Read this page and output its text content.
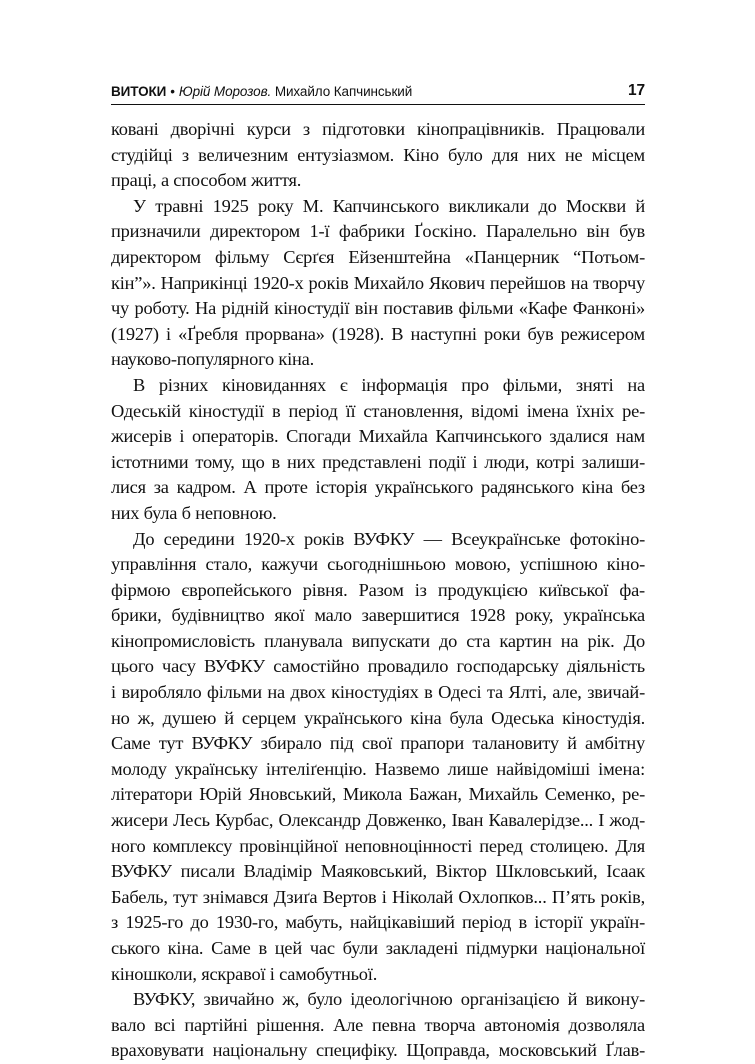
ВИТОКИ • Юрій Морозов. Михайло Капчинський	17
ковані дворічні курси з підготовки кінопрацівників. Працювали
студійці з величезним ентузіазмом. Кіно було для них не місцем
праці, а способом життя.
У травні 1925 року М. Капчинського викликали до Москви й
призначили директором 1-ї фабрики Ґоскіно. Паралельно він був
директором фільму Сєрґєя Ейзенштейна «Панцерник “Потьом-
кін”». Наприкінці 1920-х років Михайло Якович перейшов на творчу
чу роботу. На рідній кіностудії він поставив фільми «Кафе Фанконі»
(1927) і «Ґребля прорвана» (1928). В наступні роки був режисером
науково-популярного кіна.
В різних кіновиданнях є інформація про фільми, зняті на
Одеській кіностудії в період її становлення, відомі імена їхніх ре-
жисерів і операторів. Спогади Михайла Капчинського здалися нам
істотними тому, що в них представлені події і люди, котрі залиши-
лися за кадром. А проте історія українського радянського кіна без
них була б неповною.
До середини 1920-х років ВУФКУ — Всеукраїнське фотокіно-
управління стало, кажучи сьогоднішньою мовою, успішною кіно-
фірмою європейського рівня. Разом із продукцією київської фа-
брики, будівництво якої мало завершитися 1928 року, українська
кінопромисловість планувала випускати до ста картин на рік. До
цього часу ВУФКУ самостійно провадило господарську діяльність
і виробляло фільми на двох кіностудіях в Одесі та Ялті, але, звичай-
но ж, душею й серцем українського кіна була Одеська кіностудія.
Саме тут ВУФКУ збирало під свої прапори талановиту й амбітну
молоду українську інтеліґенцію. Назвемо лише найвідоміші імена:
літератори Юрій Яновський, Микола Бажан, Михайль Семенко, ре-
жисери Лесь Курбас, Олександр Довженко, Іван Кавалерідзе... І жод-
ного комплексу провінційної неповноцінності перед столицею. Для
ВУФКУ писали Владімір Маяковський, Віктор Шкловський, Ісаак
Бабель, тут знімався Дзиґа Вертов і Ніколай Охлопков... П’ять років,
з 1925-го до 1930-го, мабуть, найцікавіший період в історії україн-
ського кіна. Саме в цей час були закладені підмурки національної
кіношколи, яскравої і самобутньої.
ВУФКУ, звичайно ж, було ідеологічною організацією й викону-
вало всі партійні рішення. Але певна творча автономія дозволяла
враховувати національну специфіку. Щоправда, московський Ґлав-
